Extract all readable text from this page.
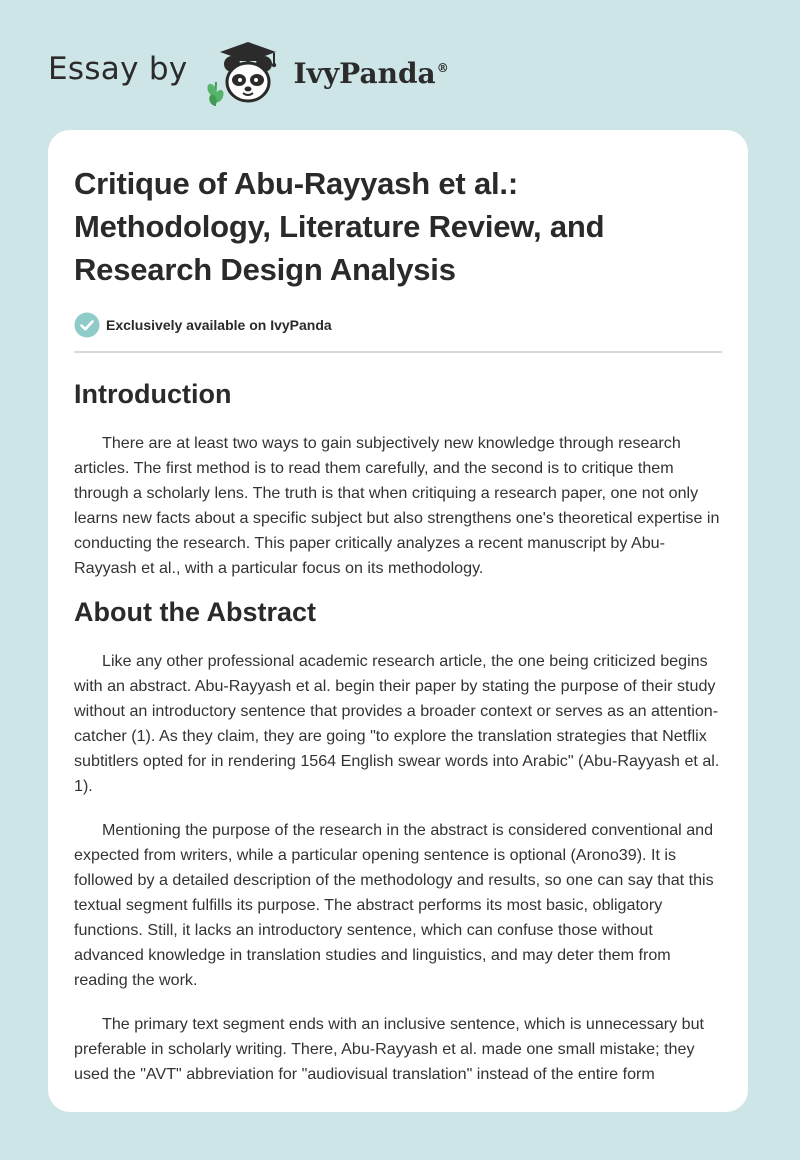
Essay by	IvyPanda®
Critique of Abu-Rayyash et al.: Methodology, Literature Review, and Research Design Analysis
Exclusively available on IvyPanda
Introduction

There are at least two ways to gain subjectively new knowledge through research articles. The first method is to read them carefully, and the second is to critique them through a scholarly lens. The truth is that when critiquing a research paper, one not only learns new facts about a specific subject but also strengthens one's theoretical expertise in conducting the research. This paper critically analyzes a recent manuscript by Abu-Rayyash et al., with a particular focus on its methodology.

About the Abstract

Like any other professional academic research article, the one being criticized begins with an abstract. Abu-Rayyash et al. begin their paper by stating the purpose of their study without an introductory sentence that provides a broader context or serves as an attention-catcher (1). As they claim, they are going "to explore the translation strategies that Netflix subtitlers opted for in rendering 1564 English swear words into Arabic" (Abu-Rayyash et al. 1).

Mentioning the purpose of the research in the abstract is considered conventional and expected from writers, while a particular opening sentence is optional (Arono39). It is followed by a detailed description of the methodology and results, so one can say that this textual segment fulfills its purpose. The abstract performs its most basic, obligatory functions. Still, it lacks an introductory sentence, which can confuse those without advanced knowledge in translation studies and linguistics, and may deter them from reading the work.

The primary text segment ends with an inclusive sentence, which is unnecessary but preferable in scholarly writing. There, Abu-Rayyash et al. made one small mistake; they used the "AVT" abbreviation for "audiovisual translation" instead of the entire form
